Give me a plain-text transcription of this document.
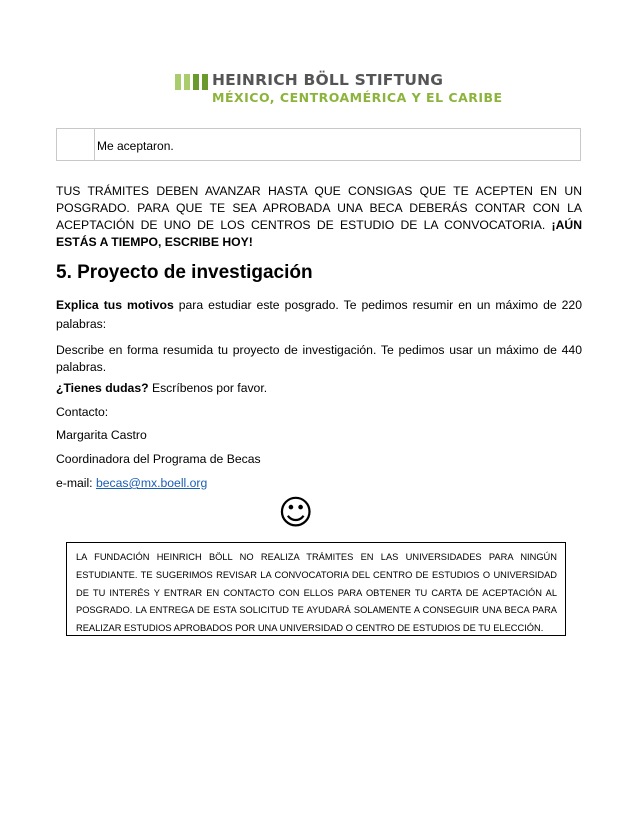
HEINRICH BÖLL STIFTUNG
MÉXICO, CENTROAMÉRICA Y EL CARIBE
Me aceptaron.
TUS TRÁMITES DEBEN AVANZAR HASTA QUE CONSIGAS QUE TE ACEPTEN EN UN POSGRADO. PARA QUE TE SEA APROBADA UNA BECA DEBERÁS CONTAR CON LA ACEPTACIÓN DE UNO DE LOS CENTROS DE ESTUDIO DE LA CONVOCATORIA. ¡AÚN ESTÁS A TIEMPO, ESCRIBE HOY!
5. Proyecto de investigación
Explica tus motivos para estudiar este posgrado. Te pedimos resumir en un máximo de 220 palabras:
Describe en forma resumida tu proyecto de investigación. Te pedimos usar un máximo de 440 palabras.
¿Tienes dudas? Escríbenos por favor.
Contacto:
Margarita Castro
Coordinadora del Programa de Becas
e-mail: becas@mx.boell.org
☺
LA FUNDACIÓN HEINRICH BÖLL NO REALIZA TRÁMITES EN LAS UNIVERSIDADES PARA NINGÚN ESTUDIANTE. TE SUGERIMOS REVISAR LA CONVOCATORIA DEL CENTRO DE ESTUDIOS O UNIVERSIDAD DE TU INTERÉS Y ENTRAR EN CONTACTO CON ELLOS PARA OBTENER TU CARTA DE ACEPTACIÓN AL POSGRADO. LA ENTREGA DE ESTA SOLICITUD TE AYUDARÁ SOLAMENTE A CONSEGUIR UNA BECA PARA REALIZAR ESTUDIOS APROBADOS POR UNA UNIVERSIDAD O CENTRO DE ESTUDIOS DE TU ELECCIÓN.
